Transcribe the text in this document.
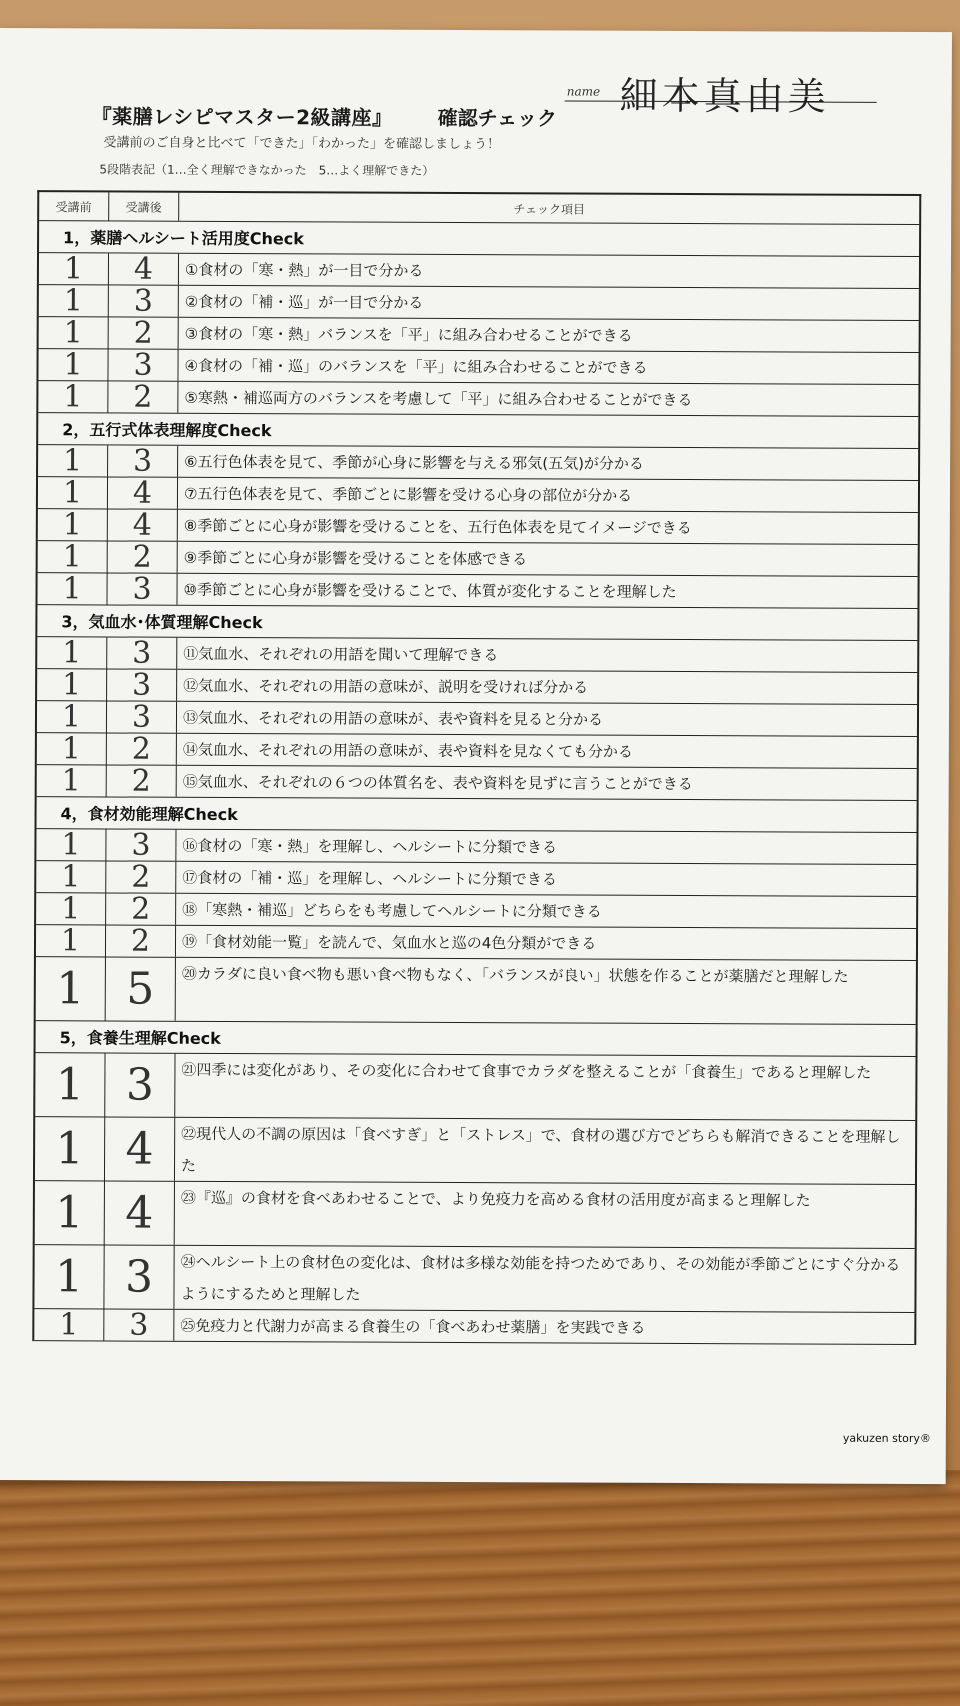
『薬膳レシピマスター2級講座』 確認チェック
name 細本真由美
受講前のご自身と比べて「できた」「わかった」を確認しましょう！
5段階表記（1…全く理解できなかった　5…よく理解できた）
受講前	受講後	チェック項目
1，薬膳ヘルシート活用度Check
1	4	①食材の「寒・熱」が一目で分かる
1	3	②食材の「補・巡」が一目で分かる
1	2	③食材の「寒・熱」バランスを「平」に組み合わせることができる
1	3	④食材の「補・巡」のバランスを「平」に組み合わせることができる
1	2	⑤寒熱・補巡両方のバランスを考慮して「平」に組み合わせることができる
2，五行式体表理解度Check
1	3	⑥五行色体表を見て、季節が心身に影響を与える邪気(五気)が分かる
1	4	⑦五行色体表を見て、季節ごとに影響を受ける心身の部位が分かる
1	4	⑧季節ごとに心身が影響を受けることを、五行色体表を見てイメージできる
1	2	⑨季節ごとに心身が影響を受けることを体感できる
1	3	⑩季節ごとに心身が影響を受けることで、体質が変化することを理解した
3，気血水･体質理解Check
1	3	⑪気血水、それぞれの用語を聞いて理解できる
1	3	⑫気血水、それぞれの用語の意味が、説明を受ければ分かる
1	3	⑬気血水、それぞれの用語の意味が、表や資料を見ると分かる
1	2	⑭気血水、それぞれの用語の意味が、表や資料を見なくても分かる
1	2	⑮気血水、それぞれの６つの体質名を、表や資料を見ずに言うことができる
4，食材効能理解Check
1	3	⑯食材の「寒・熱」を理解し、ヘルシートに分類できる
1	2	⑰食材の「補・巡」を理解し、ヘルシートに分類できる
1	2	⑱「寒熱・補巡」どちらをも考慮してヘルシートに分類できる
1	2	⑲「食材効能一覧」を読んで、気血水と巡の4色分類ができる
1 5	⑳カラダに良い食べ物も悪い食べ物もなく、「バランスが良い」状態を作ることが薬膳だと理解した
5，食養生理解Check
1 3	㉑四季には変化があり、その変化に合わせて食事でカラダを整えることが「食養生」であると理解した
1 4	㉒現代人の不調の原因は「食べすぎ」と「ストレス」で、食材の選び方でどちらも解消できることを理解した
1 4	㉓『巡』の食材を食べあわせることで、より免疫力を高める食材の活用度が高まると理解した
1 3	㉔ヘルシート上の食材色の変化は、食材は多様な効能を持つためであり、その効能が季節ごとにすぐ分かるようにするためと理解した
1	3	㉕免疫力と代謝力が高まる食養生の「食べあわせ薬膳」を実践できる
yakuzen story®
